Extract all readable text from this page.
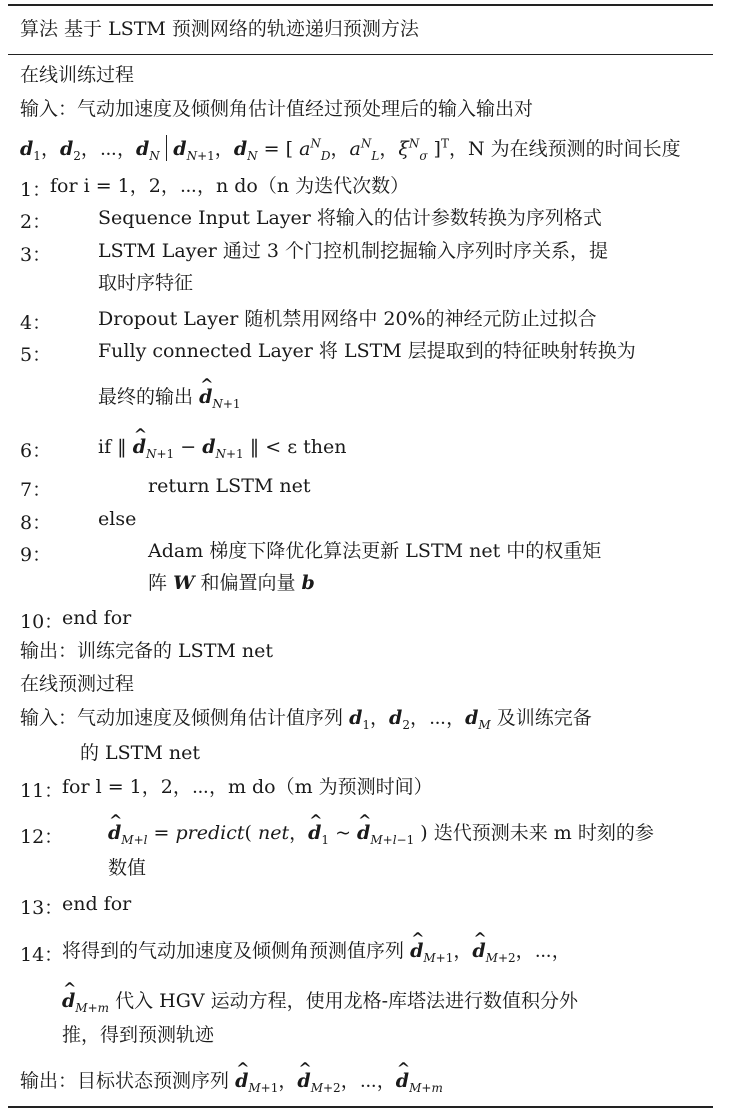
算法 基于 LSTM 预测网络的轨迹递归预测方法
在线训练过程
输入：气动加速度及倾侧角估计值经过预处理后的输入输出对
$d_1$，$d_2$，⋯，$d_N$ $d_{N+1}$，$d_N$ = [ $a^N_D$，$a^N_L$，$\xi^N_\sigma$ ]$^T$，N 为在线预测的时间长度
1：
for i = 1，2，⋯，n do（n 为迭代次数）
2： Sequence Input Layer 将输入的估计参数转换为序列格式
3： LSTM Layer 通过 3 个门控机制挖掘输入序列时序关系，提
取时序特征
4： Dropout Layer 随机禁用网络中 20%的神经元防止过拟合
5： Fully connected Layer 将 LSTM 层提取到的特征映射转换为
最终的输出 ^ $d_{N+1}$
6： if ‖ ^ $d_{N+1} - d_{N+1}$ ‖ < ε then
7：	return LSTM net
8： else
9：	Adam 梯度下降优化算法更新 LSTM net 中的权重矩
阵 W 和偏置向量 b
10：
end for
输出：训练完备的 LSTM net
在线预测过程
输入：气动加速度及倾侧角估计值序列 $d_1$，$d_2$，⋯，$d_M$ 及训练完备
的 LSTM net
11：
for l = 1，2，⋯，m do（m 为预测时间）
12： ^ $d_{M+l}$ = predict( net，^ $d_1$ ~ ^ $d_{M+l-1}$ ) 迭代预测未来 m 时刻的参
数值
13：
end for
14：
将得到的气动加速度及倾侧角预测值序列 ^ $d_{M+1}$，^ $d_{M+2}$，⋯，
^ $d_{M+m}$ 代入 HGV 运动方程，使用龙格-库塔法进行数值积分外
推，得到预测轨迹
输出：目标状态预测序列 ^ $d_{M+1}$，^ $d_{M+2}$，⋯，^ $d_{M+m}$
